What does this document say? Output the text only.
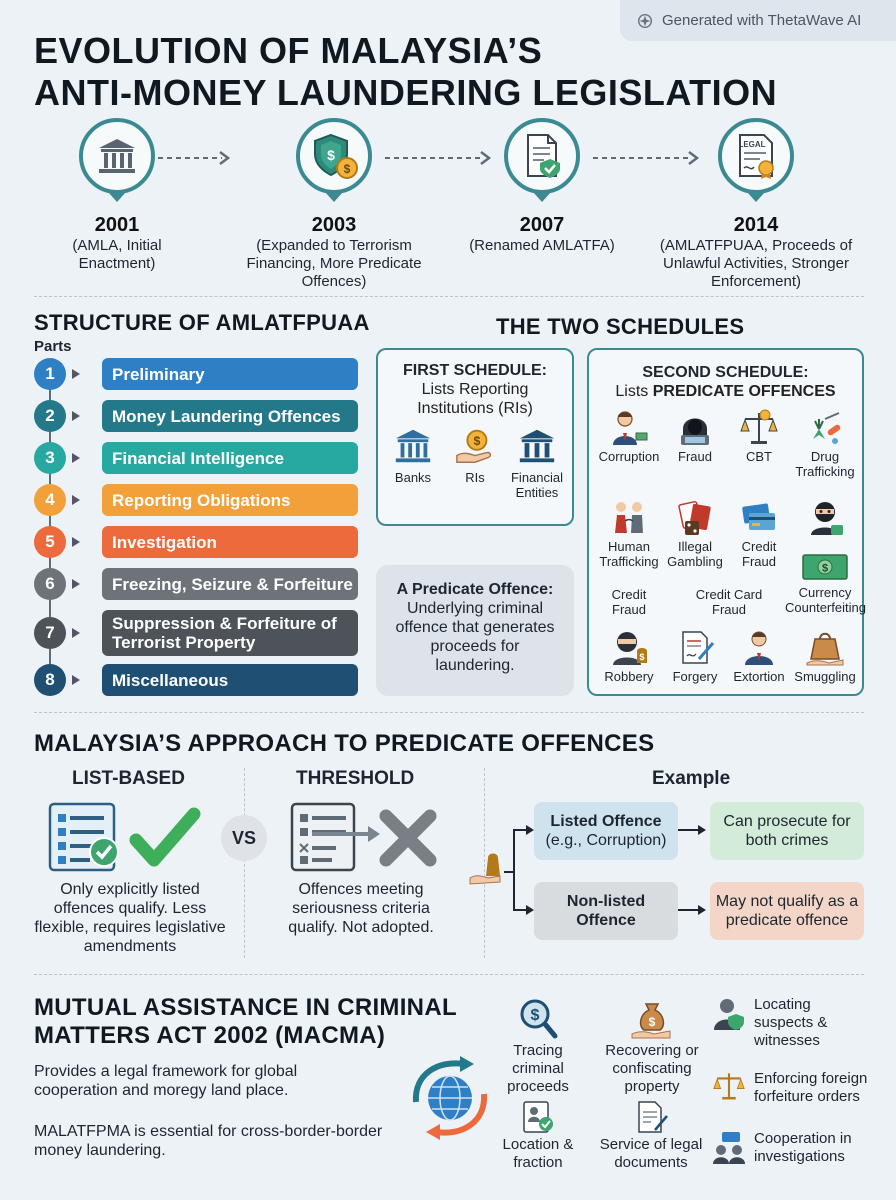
Generated with ThetaWave AI
EVOLUTION OF MALAYSIA’S
ANTI-MONEY LAUNDERING LEGISLATION
2001
(AMLA, Initial Enactment)
$
$
2003
(Expanded to Terrorism Financing, More Predicate Offences)
2007
(Renamed AMLATFA)
LEGAL
2014
(AMLATFPUAA, Proceeds of Unlawful Activities, Stronger Enforcement)
STRUCTURE OF AMLATFPUAA
Parts
1	Preliminary
2	Money Laundering Offences
3	Financial Intelligence
4	Reporting Obligations
5	Investigation
6	Freezing, Seizure & Forfeiture
7	Suppression & Forfeiture of Terrorist Property
8	Miscellaneous
THE TWO SCHEDULES
FIRST SCHEDULE:
Lists Reporting Institutions (RIs)
Banks
$
RIs	Financial Entities
A Predicate Offence:
Underlying criminal offence that generates proceeds for laundering.
SECOND SCHEDULE:
Lists PREDICATE OFFENCES
Corruption	Fraud	CBT	Drug Trafficking
Human Trafficking
Illegal Gambling
Credit Fraud
Credit Fraud
Credit Card Fraud
$
Currency Counterfeiting
$
Robbery	Forgery	Extortion Smuggling
MALAYSIA’S APPROACH TO PREDICATE OFFENCES
LIST-BASED	THRESHOLD
VS
Only explicitly listed offences qualify. Less flexible, requires legislative amendments
Offences meeting seriousness criteria qualify. Not adopted.
Example
Listed Offence
(e.g., Corruption)
Can prosecute for both crimes
Non-listed Offence
May not qualify as a predicate offence
MUTUAL ASSISTANCE IN CRIMINAL MATTERS ACT 2002 (MACMA)
Provides a legal framework for global cooperation and moregy land place.
MALATFPMA is essential for cross-border-border money laundering.
$
Tracing criminal proceeds
$
Recovering or confiscating property
Location & fraction
Service of legal documents
Locating suspects & witnesses
Enforcing foreign forfeiture orders
Cooperation in investigations
